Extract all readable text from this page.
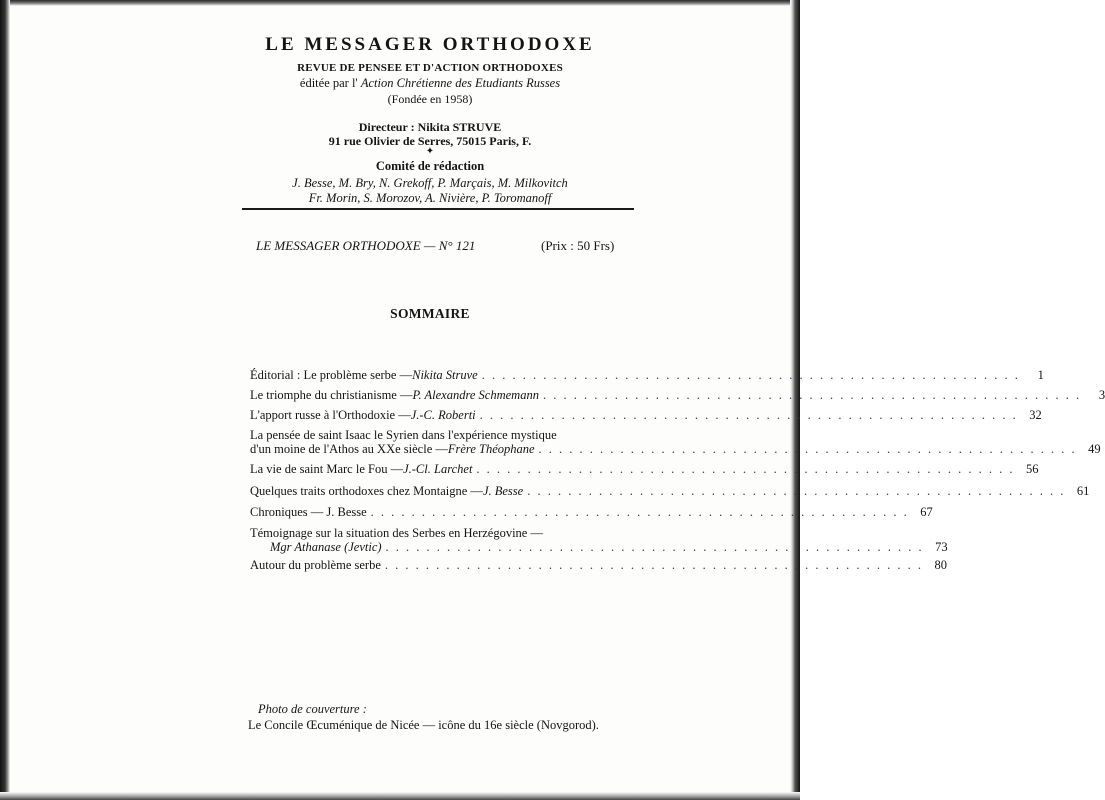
LE MESSAGER ORTHODOXE
REVUE DE PENSEE ET D'ACTION ORTHODOXES
éditée par l' Action Chrétienne des Etudiants Russes
(Fondée en 1958)
Directeur : Nikita STRUVE
91 rue Olivier de Serres, 75015 Paris, F.
✦
Comité de rédaction
J. Besse, M. Bry, N. Grekoff, P. Marçais, M. Milkovitch
Fr. Morin, S. Morozov, A. Nivière, P. Toromanoff
LE MESSAGER ORTHODOXE — N° 121	(Prix : 50 Frs)
SOMMAIRE
Éditorial : Le problème serbe — Nikita Struve . . . . . . . . . . . . . . . . . . . . . . . . . . . . . . . . . . . . . . . . . . . . . . . . . . . . .	1
Le triomphe du christianisme — P. Alexandre Schmemann . . . . . . . . . . . . . . . . . . . . . . . . . . . . . . . . . . . . . . . . . . . . . . . . . . . . .	3
L'apport russe à l'Orthodoxie — J.-C. Roberti . . . . . . . . . . . . . . . . . . . . . . . . . . . . . . . . . . . . . . . . . . . . . . . . . . . . . 32
La pensée de saint Isaac le Syrien dans l'expérience mystique
d'un moine de l'Athos au XXe siècle — Frère Théophane . . . . . . . . . . . . . . . . . . . . . . . . . . . . . . . . . . . . . . . . . . . . . . . . . . . . . 49
La vie de saint Marc le Fou — J.-Cl. Larchet . . . . . . . . . . . . . . . . . . . . . . . . . . . . . . . . . . . . . . . . . . . . . . . . . . . . . 56
Quelques traits orthodoxes chez Montaigne — J. Besse . . . . . . . . . . . . . . . . . . . . . . . . . . . . . . . . . . . . . . . . . . . . . . . . . . . . . 61
Chroniques — J. Besse . . . . . . . . . . . . . . . . . . . . . . . . . . . . . . . . . . . . . . . . . . . . . . . . . . . . . 67
Témoignage sur la situation des Serbes en Herzégovine —
Mgr Athanase (Jevtic) . . . . . . . . . . . . . . . . . . . . . . . . . . . . . . . . . . . . . . . . . . . . . . . . . . . . . 73
Autour du problème serbe . . . . . . . . . . . . . . . . . . . . . . . . . . . . . . . . . . . . . . . . . . . . . . . . . . . . . 80
Photo de couverture :
Le Concile Œcuménique de Nicée — icône du 16e siècle (Novgorod).
